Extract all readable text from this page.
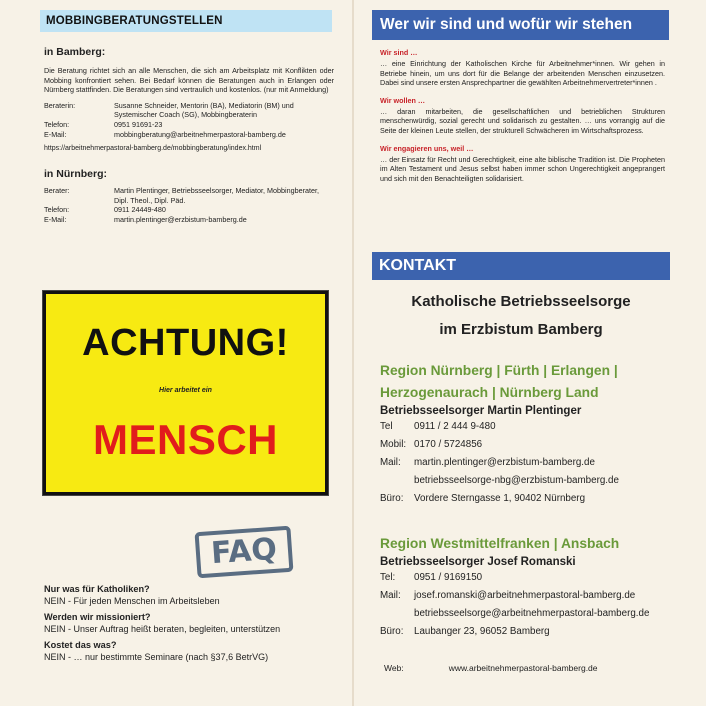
MOBBINGBERATUNGSTELLEN
in Bamberg:
Die Beratung richtet sich an alle Menschen, die sich am Arbeitsplatz mit Konflikten oder Mobbing konfrontiert sehen. Bei Bedarf können die Beratungen auch in Erlangen oder Nürnberg stattfinden. Die Beratungen sind vertraulich und kostenlos. (nur mit Anmeldung)
Beraterin:	Susanne Schneider, Mentorin (BA), Mediatorin (BM) und Systemischer Coach (SG), Mobbingberaterin
Telefon:	0951 91691-23
E-Mail:	mobbingberatung@arbeitnehmerpastoral-bamberg.de
https://arbeitnehmerpastoral-bamberg.de/mobbingberatung/index.html
in Nürnberg:
Berater:	Martin Plentinger, Betriebsseelsorger, Mediator, Mobbingberater, Dipl. Theol., Dipl. Päd.
Telefon:	0911 24449-480
E-Mail:	martin.plentinger@erzbistum-bamberg.de
ACHTUNG!
Hier arbeitet ein
MENSCH
FAQ
Nur was für Katholiken?
NEIN - Für jeden Menschen im Arbeitsleben
Werden wir missioniert?
NEIN - Unser Auftrag heißt beraten, begleiten, unterstützen
Kostet das was?
NEIN - … nur bestimmte Seminare (nach §37,6 BetrVG)
Wer wir sind und wofür wir stehen
Wir sind …
… eine Einrichtung der Katholischen Kirche für Arbeitnehmer*innen. Wir gehen in Betriebe hinein, um uns dort für die Belange der arbeitenden Menschen einzusetzen. Dabei sind unsere ersten Ansprechpartner die gewählten Arbeitnehmervertreter*innen .
Wir wollen …
… daran mitarbeiten, die gesellschaftlichen und betrieblichen Strukturen menschenwürdig, sozial gerecht und solidarisch zu gestalten. … uns vorrangig auf die Seite der kleinen Leute stellen, der strukturell Schwächeren im Wirtschaftsprozess.
Wir engagieren uns, weil …
… der Einsatz für Recht und Gerechtigkeit, eine alte biblische Tradition ist. Die Propheten im Alten Testament und Jesus selbst haben immer schon Ungerechtigkeit angeprangert und sich mit den Benachteiligten solidarisiert.
KONTAKT
Katholische Betriebsseelsorge
im Erzbistum Bamberg
Region Nürnberg | Fürth | Erlangen |
Herzogenaurach | Nürnberg Land
Betriebsseelsorger Martin Plentinger
Tel	0911 / 2 444 9-480
Mobil:	0170 / 5724856
Mail:	martin.plentinger@erzbistum-bamberg.de
	betriebsseelsorge-nbg@erzbistum-bamberg.de
Büro:	Vordere Sterngasse 1, 90402 Nürnberg
Region Westmittelfranken | Ansbach
Betriebsseelsorger Josef Romanski
Tel:	0951 / 9169150
Mail:	josef.romanski@arbeitnehmerpastoral-bamberg.de
	betriebsseelsorge@arbeitnehmerpastoral-bamberg.de
Büro:	Laubanger 23, 96052 Bamberg
Web:	www.arbeitnehmerpastoral-bamberg.de
